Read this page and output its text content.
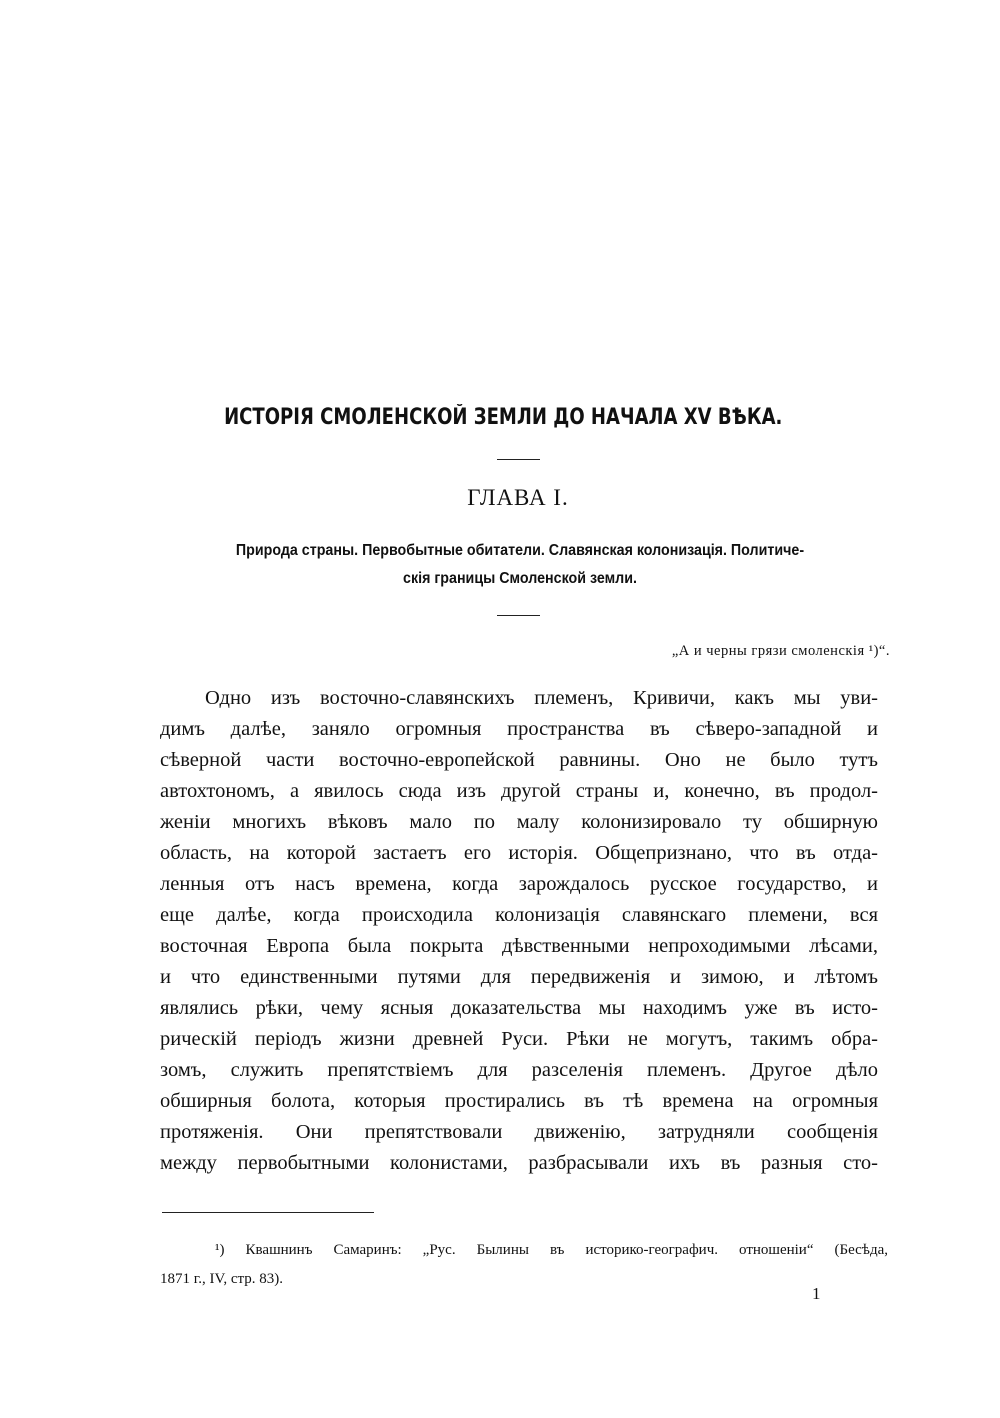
ИСТОРІЯ СМОЛЕНСКОЙ ЗЕМЛИ ДО НАЧАЛА XV ВѢКА.
ГЛАВА I.
Природа страны. Первобытные обитатели. Славянская колонизація. Политиче-
скія границы Смоленской земли.
„А и черны грязи смоленскія ¹)“.
Одно изъ восточно-славянскихъ племенъ, Кривичи, какъ мы уви-
димъ далѣе, заняло огромныя пространства въ сѣверо-западной и
сѣверной части восточно-европейской равнины. Оно не было тутъ
автохтономъ, а явилось сюда изъ другой страны и, конечно, въ продол-
женіи многихъ вѣковъ мало по малу колонизировало ту обширную
область, на которой застаетъ его исторія. Общепризнано, что въ отда-
ленныя отъ насъ времена, когда зарождалось русское государство, и
еще далѣе, когда происходила колонизація славянскаго племени, вся
восточная Европа была покрыта дѣвственными непроходимыми лѣсами,
и что единственными путями для передвиженія и зимою, и лѣтомъ
являлись рѣки, чему ясныя доказательства мы находимъ уже въ исто-
рическій періодъ жизни древней Руси. Рѣки не могутъ, такимъ обра-
зомъ, служить препятствіемъ для разселенія племенъ. Другое дѣло
обширныя болота, которыя простирались въ тѣ времена на огромныя
протяженія. Они препятствовали движенію, затрудняли сообщенія
между первобытными колонистами, разбрасывали ихъ въ разныя сто-
¹) Квашнинъ Самаринъ: „Рус. Былины въ историко-географич. отношеніи“ (Бесѣда,
1871 г., IV, стр. 83).
1
